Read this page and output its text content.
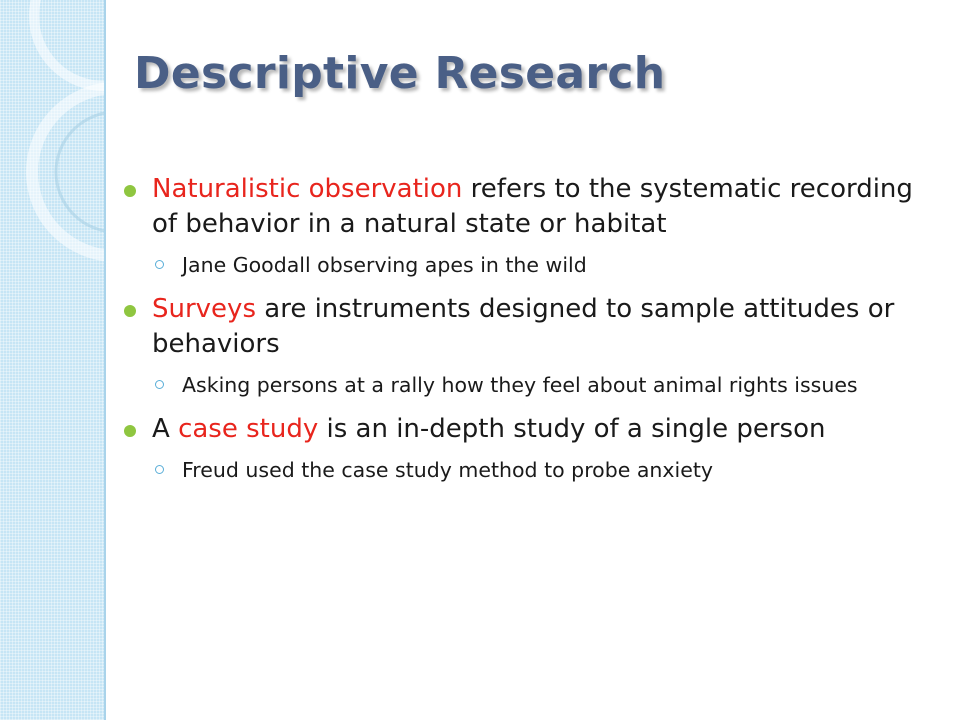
Descriptive Research
Naturalistic observation refers to the systematic recording of behavior in a natural state or habitat
Jane Goodall observing apes in the wild
Surveys are instruments designed to sample attitudes or behaviors
Asking persons at a rally how they feel about animal rights issues
A case study is an in-depth study of a single person
Freud used the case study method to probe anxiety
